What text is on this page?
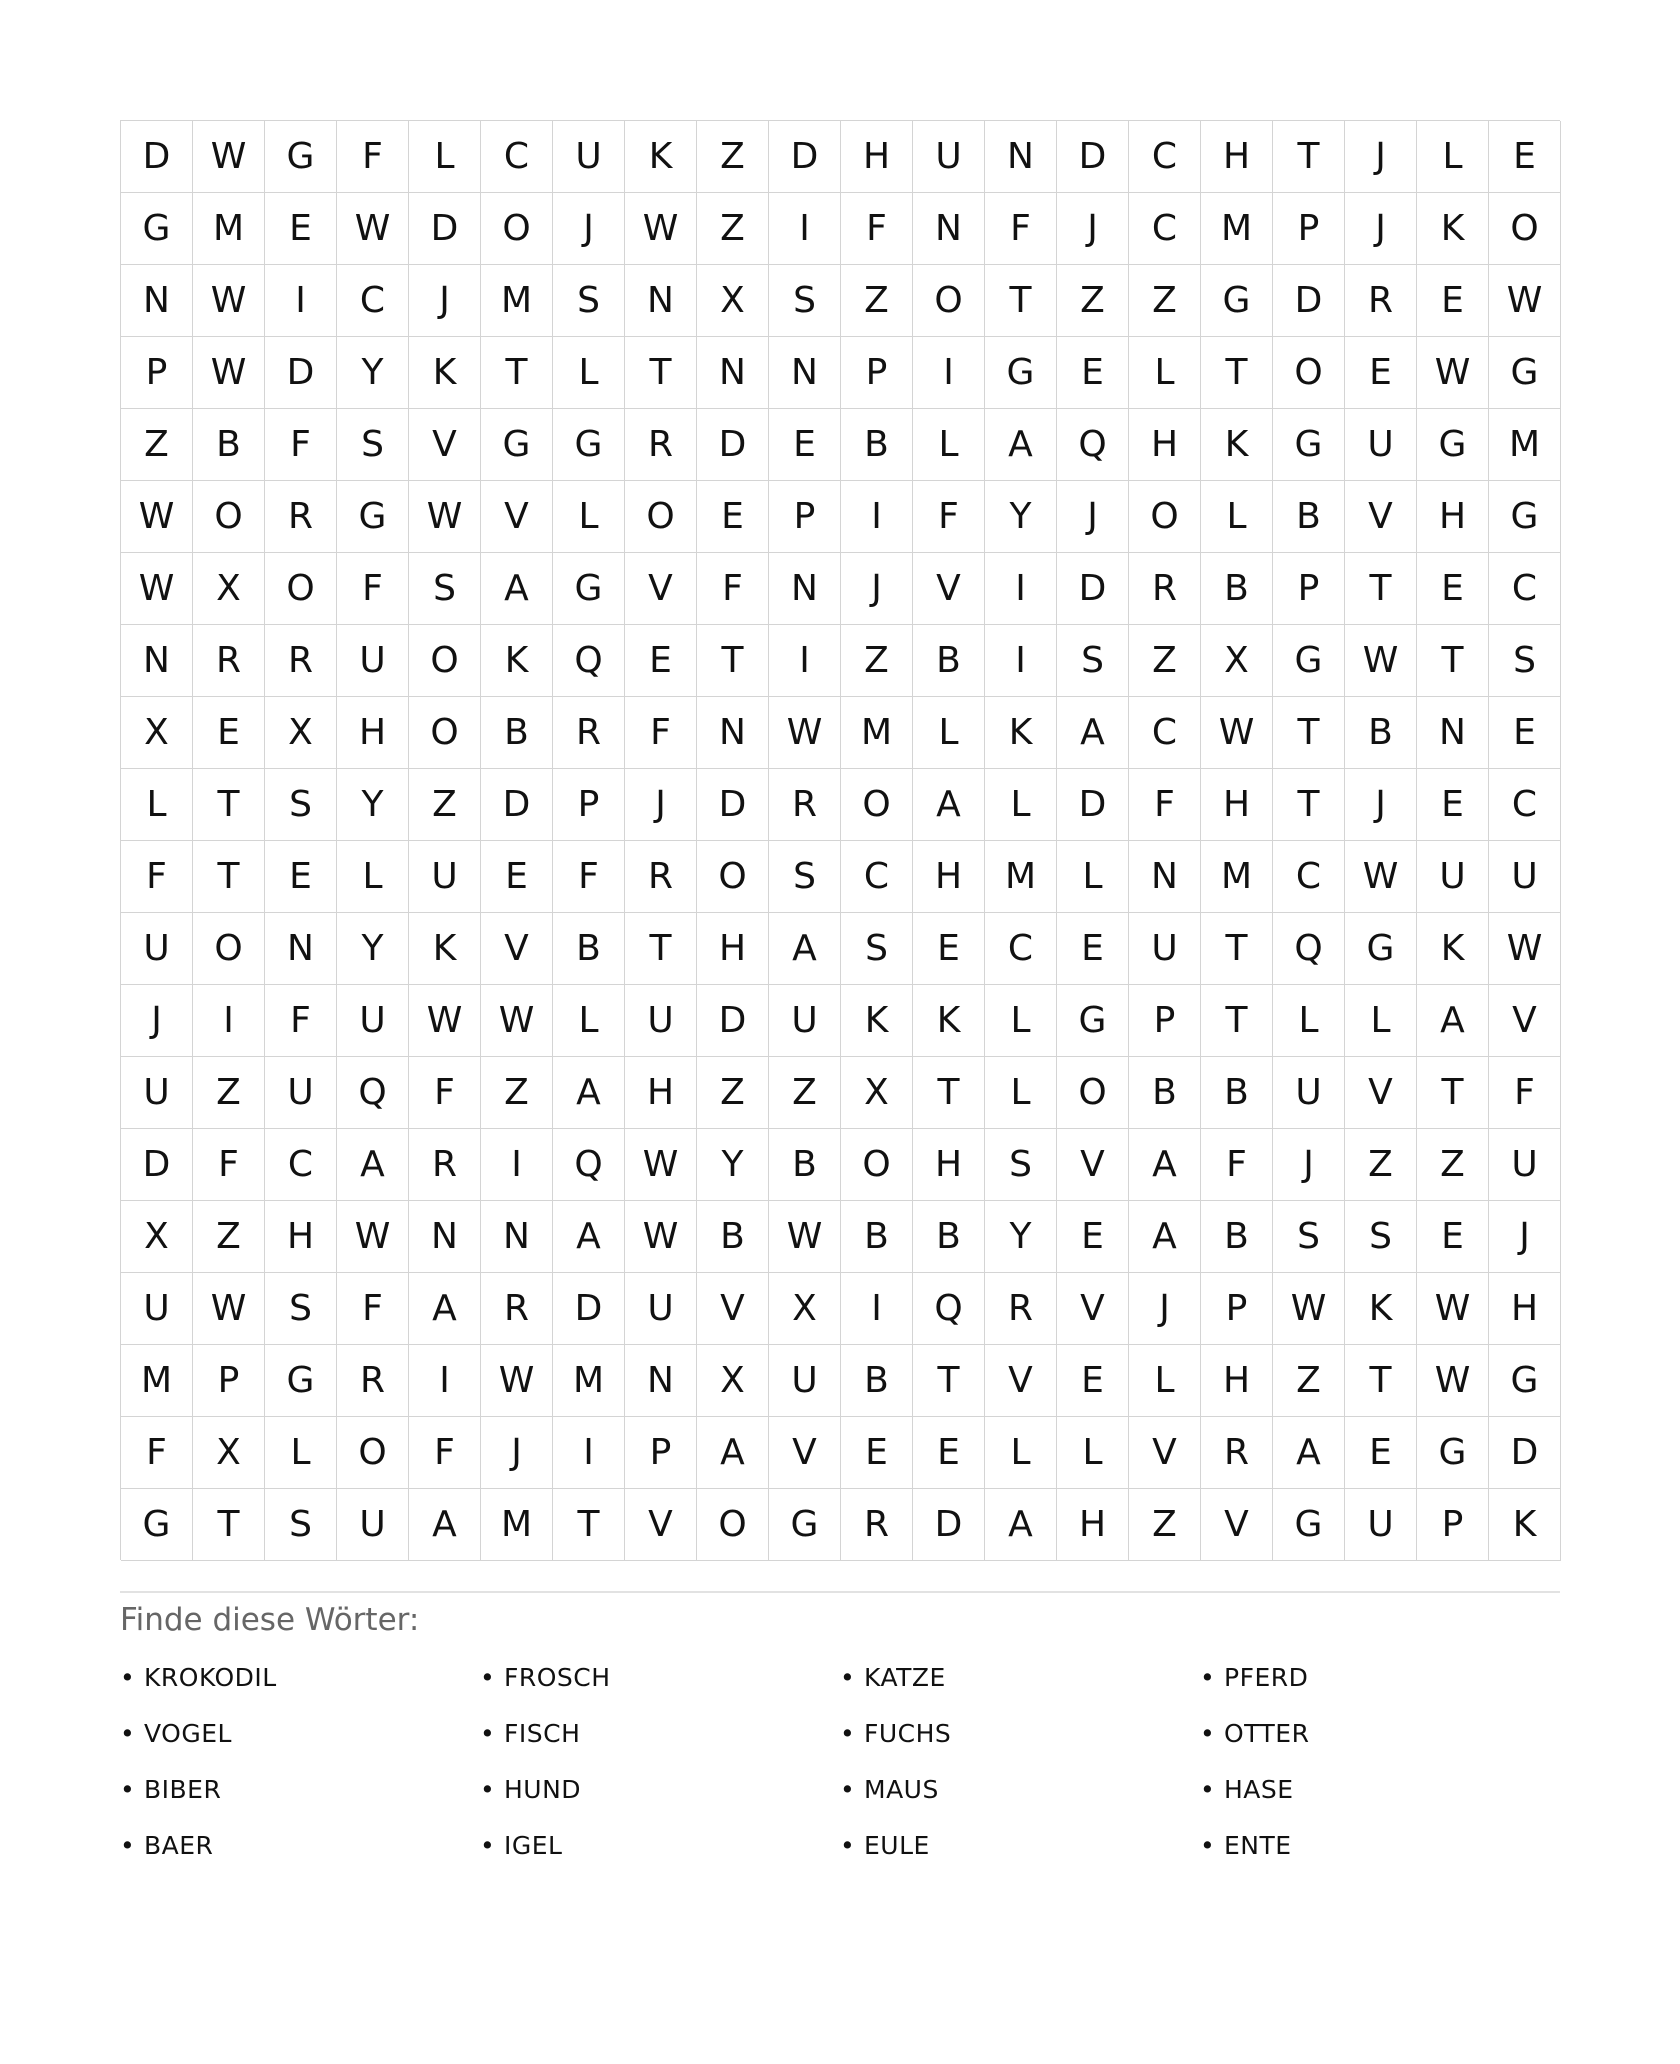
D	W	G	F	L	C	U	K	Z	D	H	U	N	D	C	H	T	J	L	E
G	M	E	W	D	O	J	W	Z	I	F	N	F	J	C	M	P	J	K	O
N	W	I	C	J	M	S	N	X	S	Z	O	T	Z	Z	G	D	R	E	W
P	W	D	Y	K	T	L	T	N	N	P	I	G	E	L	T	O	E	W	G
Z	B	F	S	V	G	G	R	D	E	B	L	A	Q	H	K	G	U	G	M
W	O	R	G	W	V	L	O	E	P	I	F	Y	J	O	L	B	V	H	G
W	X	O	F	S	A	G	V	F	N	J	V	I	D	R	B	P	T	E	C
N	R	R	U	O	K	Q	E	T	I	Z	B	I	S	Z	X	G	W	T	S
X	E	X	H	O	B	R	F	N	W	M	L	K	A	C	W	T	B	N	E
L	T	S	Y	Z	D	P	J	D	R	O	A	L	D	F	H	T	J	E	C
F	T	E	L	U	E	F	R	O	S	C	H	M	L	N	M	C	W	U	U
U	O	N	Y	K	V	B	T	H	A	S	E	C	E	U	T	Q	G	K	W
J	I	F	U	W	W	L	U	D	U	K	K	L	G	P	T	L	L	A	V
U	Z	U	Q	F	Z	A	H	Z	Z	X	T	L	O	B	B	U	V	T	F
D	F	C	A	R	I	Q	W	Y	B	O	H	S	V	A	F	J	Z	Z	U
X	Z	H	W	N	N	A	W	B	W	B	B	Y	E	A	B	S	S	E	J
U	W	S	F	A	R	D	U	V	X	I	Q	R	V	J	P	W	K	W	H
M	P	G	R	I	W	M	N	X	U	B	T	V	E	L	H	Z	T	W	G
F	X	L	O	F	J	I	P	A	V	E	E	L	L	V	R	A	E	G	D
G	T	S	U	A	M	T	V	O	G	R	D	A	H	Z	V	G	U	P	K
Finde diese Wörter:
• KROKODIL	• FROSCH	• KATZE	• PFERD
• VOGEL	• FISCH	• FUCHS	• OTTER
• BIBER	• HUND	• MAUS	• HASE
• BAER	• IGEL	• EULE	• ENTE
